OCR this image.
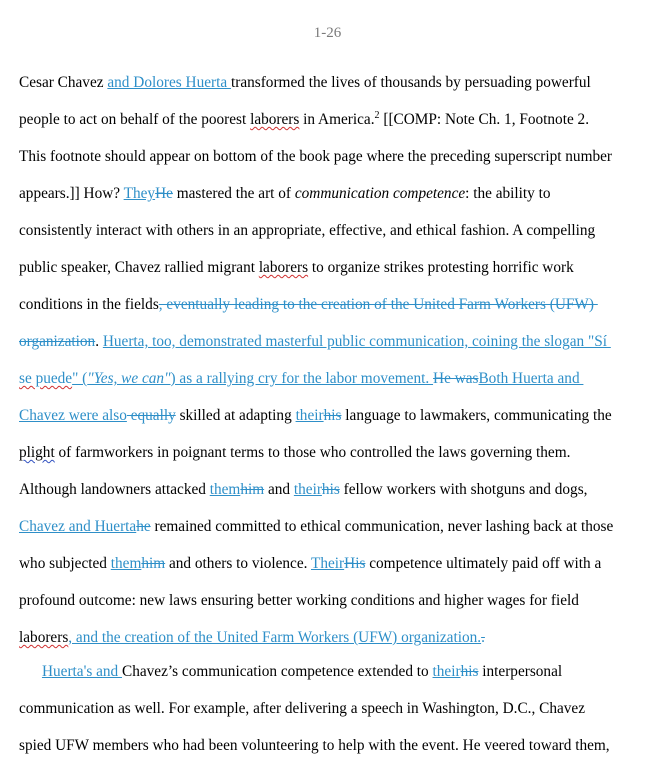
1-26
Cesar Chavez and Dolores Huerta transformed the lives of thousands by persuading powerful
people to act on behalf of the poorest laborers in America.$^2$ [[COMP: Note Ch. 1, Footnote 2.
This footnote should appear on bottom of the book page where the preceding superscript number
appears.]] How? TheyHe mastered the art of communication competence: the ability to
consistently interact with others in an appropriate, effective, and ethical fashion. A compelling
public speaker, Chavez rallied migrant laborers to organize strikes protesting horrific work
conditions in the fields, eventually leading to the creation of the United Farm Workers (UFW)
organization. Huerta, too, demonstrated masterful public communication, coining the slogan "Sí
se puede" ("Yes, we can") as a rallying cry for the labor movement. He wasBoth Huerta and
Chavez were also equally skilled at adapting theirhis language to lawmakers, communicating the
plight of farmworkers in poignant terms to those who controlled the laws governing them.
Although landowners attacked themhim and theirhis fellow workers with shotguns and dogs,
Chavez and Huertahe remained committed to ethical communication, never lashing back at those
who subjected themhim and others to violence. TheirHis competence ultimately paid off with a
profound outcome: new laws ensuring better working conditions and higher wages for field
laborers, and the creation of the United Farm Workers (UFW) organization..
Huerta's and Chavez’s communication competence extended to theirhis interpersonal
communication as well. For example, after delivering a speech in Washington, D.C., Chavez
spied UFW members who had been volunteering to help with the event. He veered toward them,
